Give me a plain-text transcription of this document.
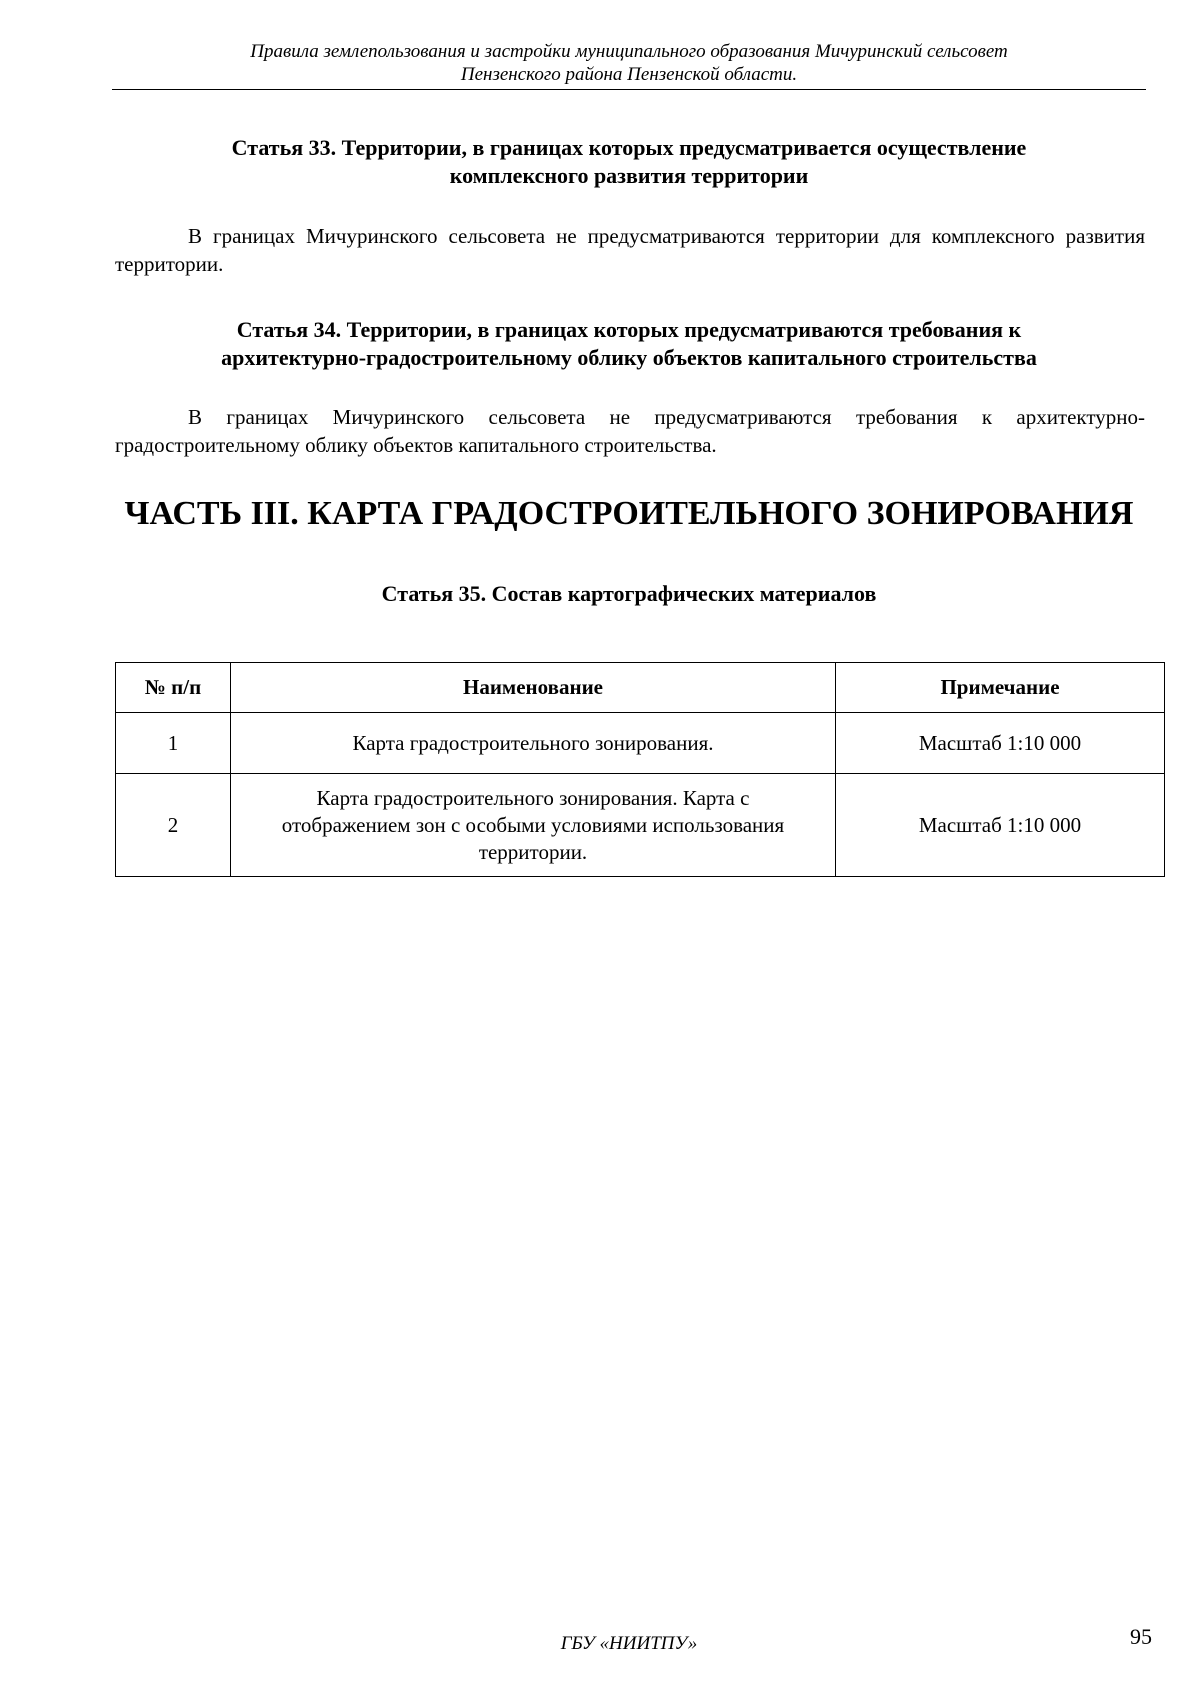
Правила землепользования и застройки муниципального образования Мичуринский сельсовет
Пензенского района Пензенской области.
Статья 33. Территории, в границах которых предусматривается осуществление
комплексного развития территории
В границах Мичуринского сельсовета не предусматриваются территории для комплексного развития территории.
Статья 34. Территории, в границах которых предусматриваются требования к
архитектурно-градостроительному облику объектов капитального строительства
В границах Мичуринского сельсовета не предусматриваются требования к архитектурно-градостроительному облику объектов капитального строительства.
ЧАСТЬ III. КАРТА ГРАДОСТРОИТЕЛЬНОГО ЗОНИРОВАНИЯ
Статья 35. Состав картографических материалов
№ п/п	Наименование	Примечание
1	Карта градостроительного зонирования.	Масштаб 1:10 000
2	Карта градостроительного зонирования. Карта с
отображением зон с особыми условиями использования
территории.	Масштаб 1:10 000
ГБУ «НИИТПУ»	95
